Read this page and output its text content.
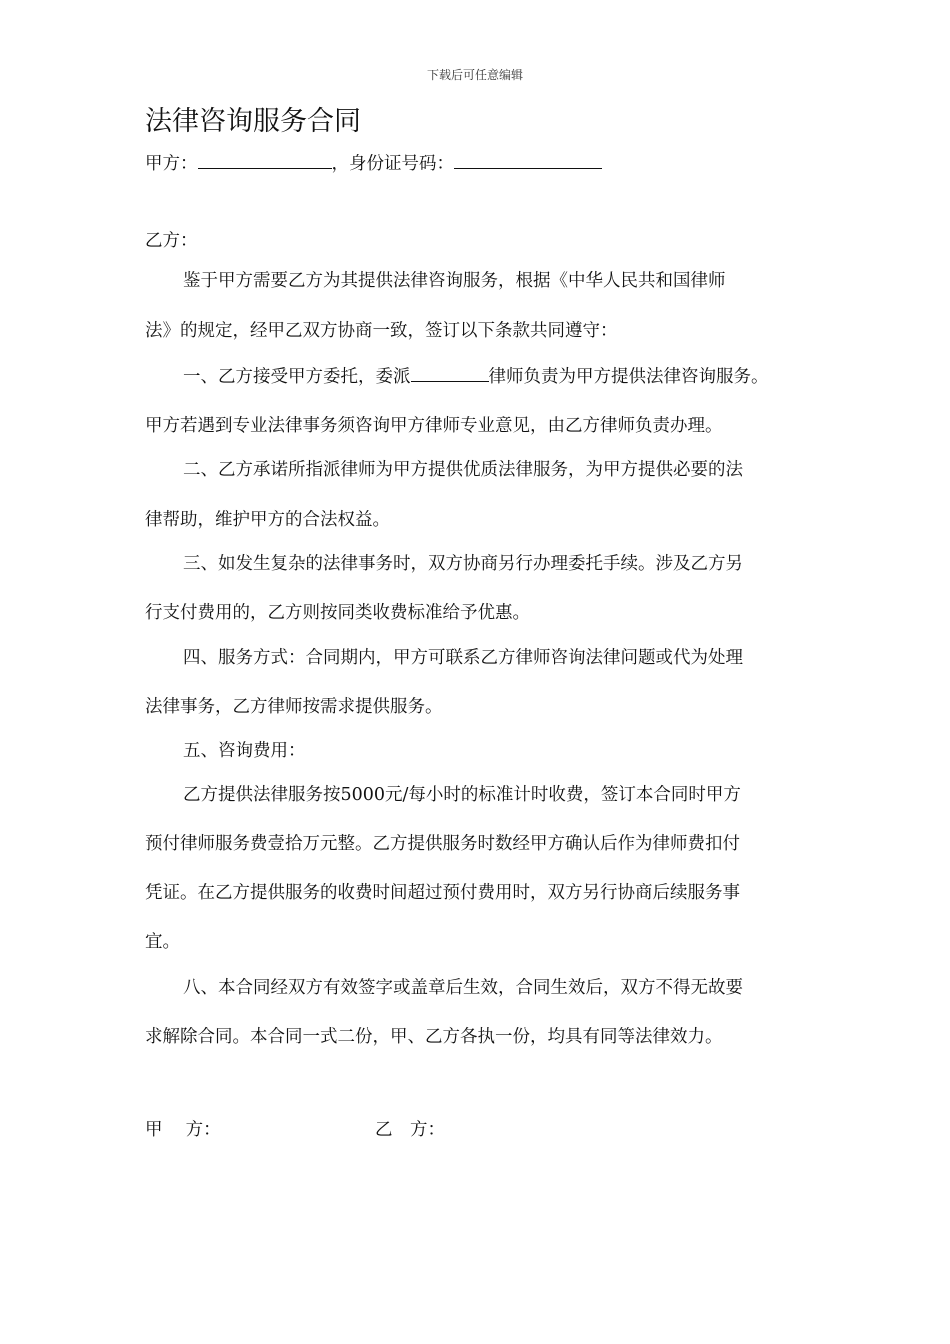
下载后可任意编辑
法律咨询服务合同
甲方：	，身份证号码：
乙方：
鉴于甲方需要乙方为其提供法律咨询服务，根据《中华人民共和国律师
法》的规定，经甲乙双方协商一致，签订以下条款共同遵守：
一、乙方接受甲方委托，委派	律师负责为甲方提供法律咨询服务。
甲方若遇到专业法律事务须咨询甲方律师专业意见，由乙方律师负责办理。
二、乙方承诺所指派律师为甲方提供优质法律服务，为甲方提供必要的法
律帮助，维护甲方的合法权益。
三、如发生复杂的法律事务时，双方协商另行办理委托手续。涉及乙方另
行支付费用的，乙方则按同类收费标准给予优惠。
四、服务方式：合同期内，甲方可联系乙方律师咨询法律问题或代为处理
法律事务，乙方律师按需求提供服务。
五、咨询费用：
乙方提供法律服务按5000元/每小时的标准计时收费，签订本合同时甲方
预付律师服务费壹拾万元整。乙方提供服务时数经甲方确认后作为律师费扣付
凭证。在乙方提供服务的收费时间超过预付费用时，双方另行协商后续服务事
宜。
八、本合同经双方有效签字或盖章后生效，合同生效后，双方不得无故要
求解除合同。本合同一式二份，甲、乙方各执一份，均具有同等法律效力。
甲　 方：	乙　方：
